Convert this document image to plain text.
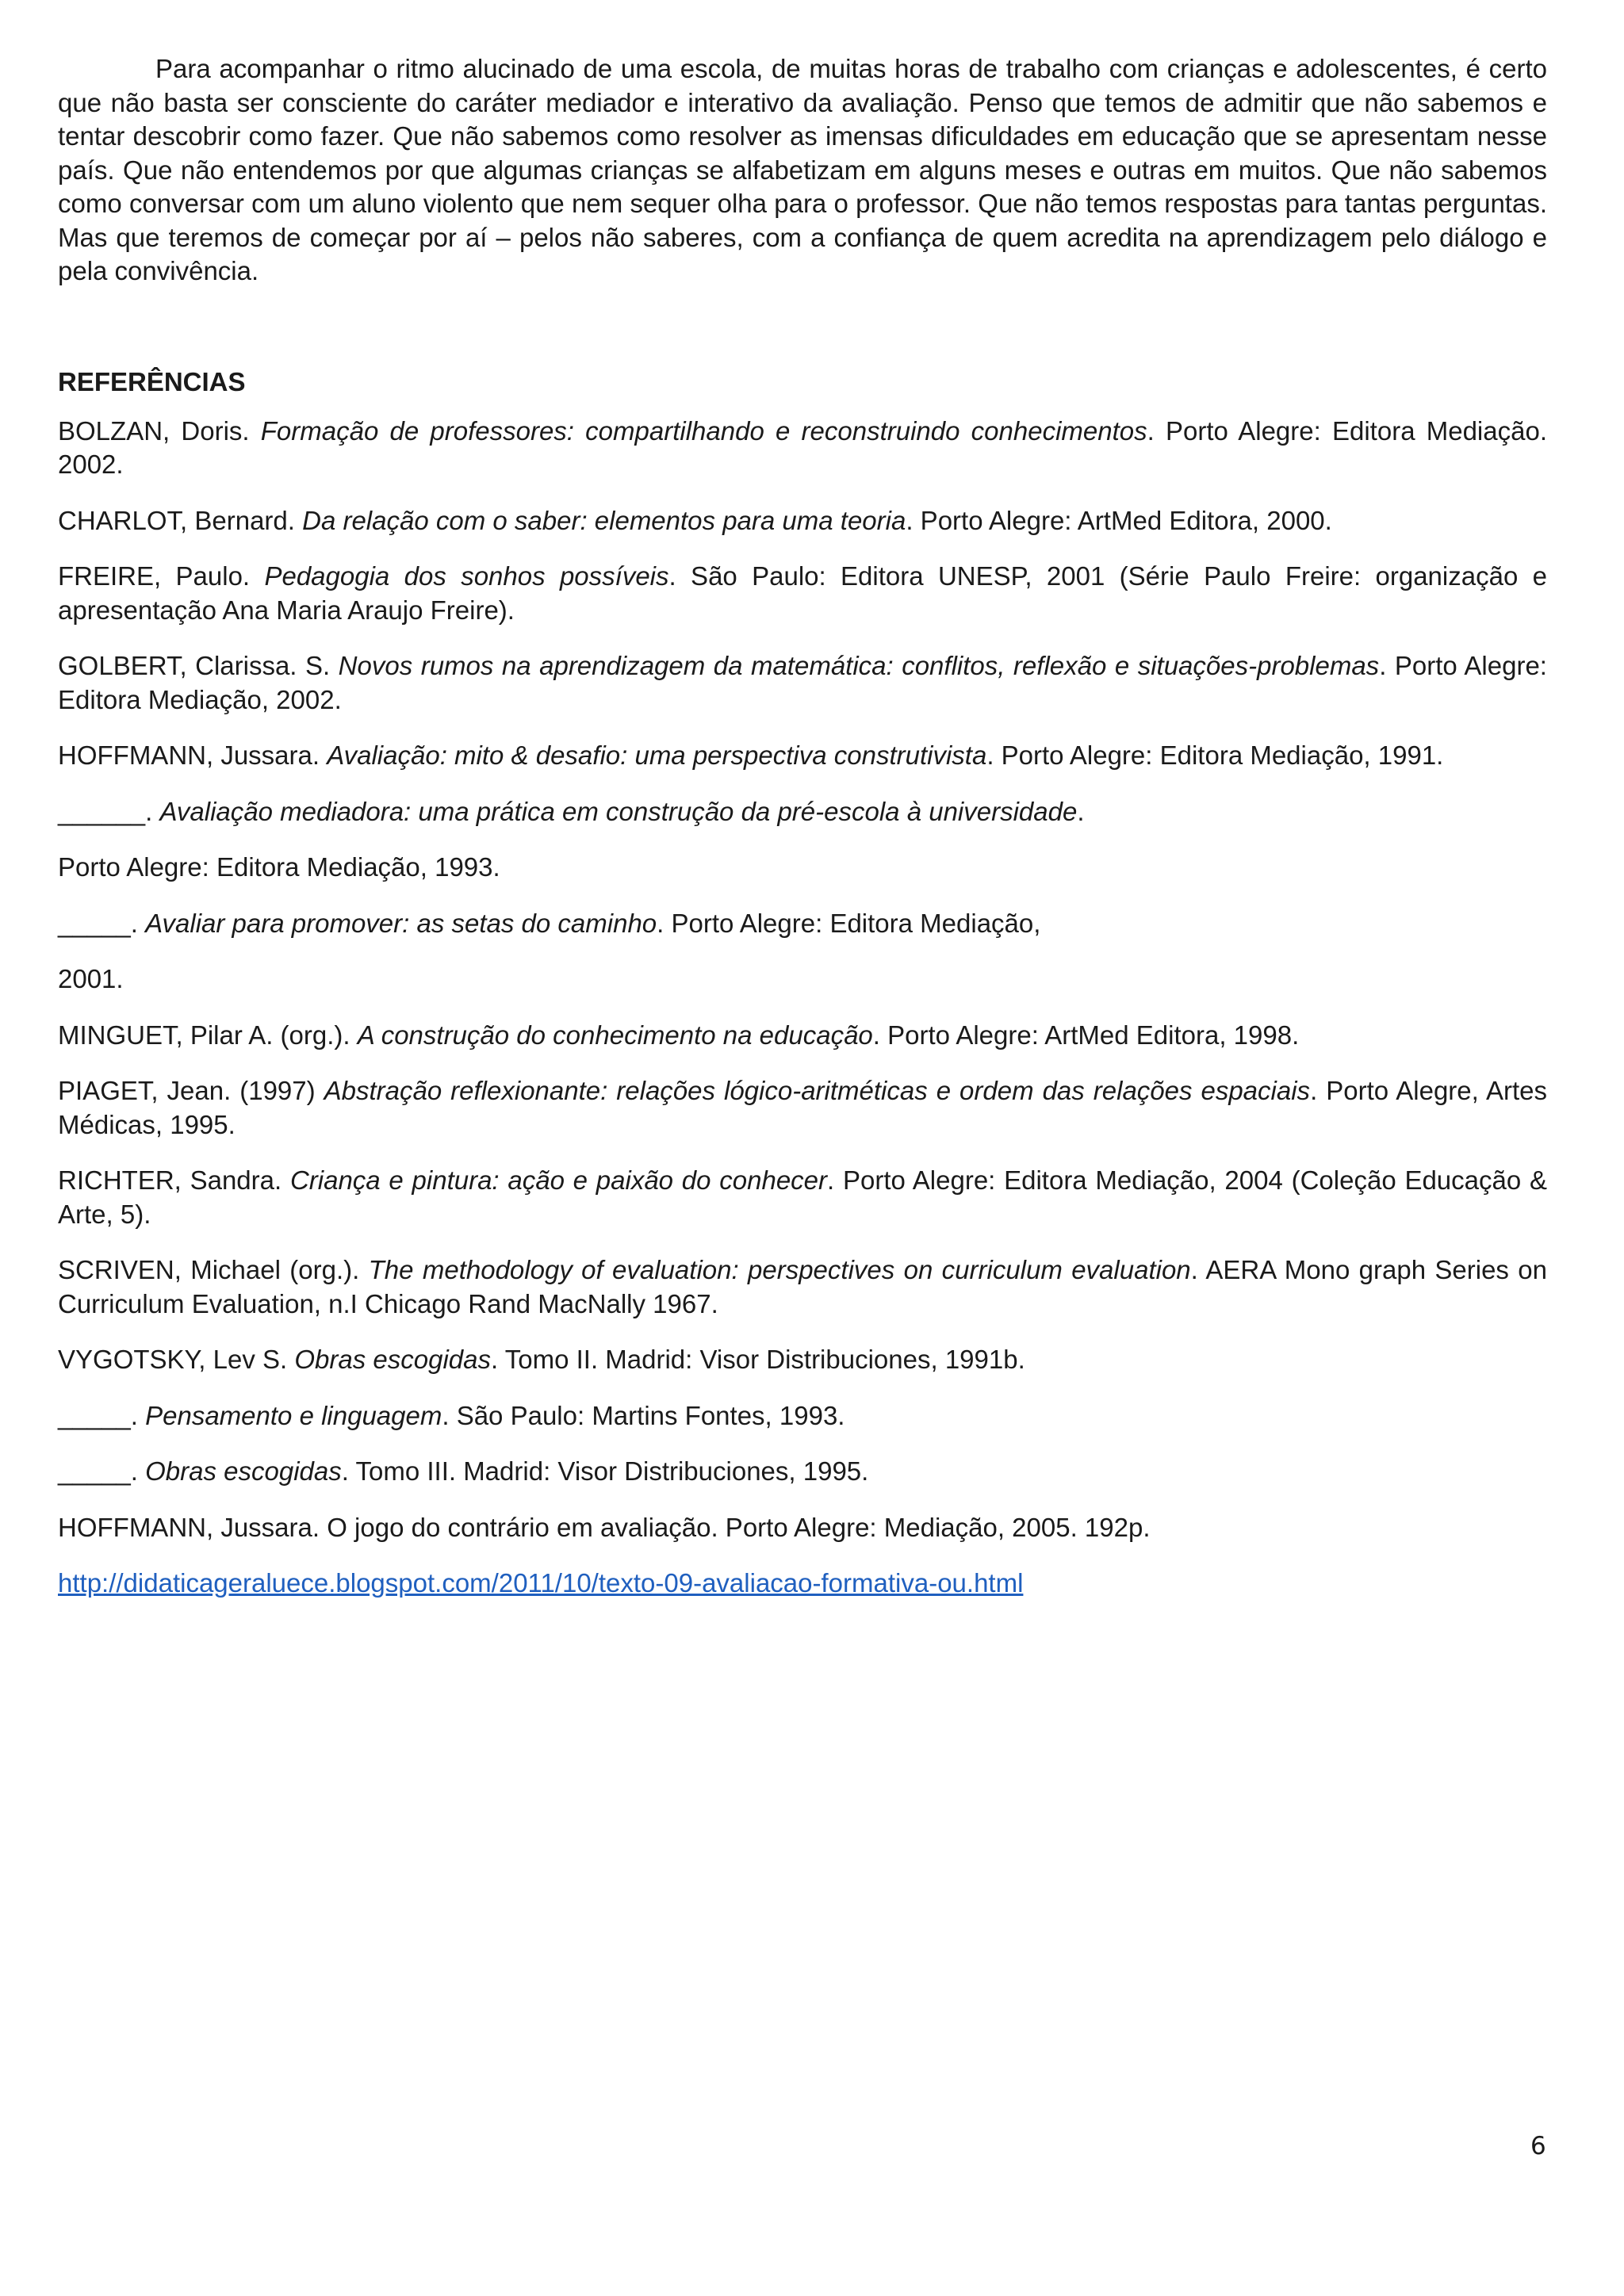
Para acompanhar o ritmo alucinado de uma escola, de muitas horas de trabalho com crianças e adolescentes, é certo que não basta ser consciente do caráter mediador e interativo da avaliação. Penso que temos de admitir que não sabemos e tentar descobrir como fazer. Que não sabemos como resolver as imensas dificuldades em educação que se apresentam nesse país. Que não entendemos por que algumas crianças se alfabetizam em alguns meses e outras em muitos. Que não sabemos como conversar com um aluno violento que nem sequer olha para o professor. Que não temos respostas para tantas perguntas. Mas que teremos de começar por aí – pelos não saberes, com a confiança de quem acredita na aprendizagem pelo diálogo e pela convivência.

REFERÊNCIAS

BOLZAN, Doris. Formação de professores: compartilhando e reconstruindo conhecimentos. Porto Alegre: Editora Mediação. 2002.

CHARLOT, Bernard. Da relação com o saber: elementos para uma teoria. Porto Alegre: ArtMed Editora, 2000.

FREIRE, Paulo. Pedagogia dos sonhos possíveis. São Paulo: Editora UNESP, 2001 (Série Paulo Freire: organização e apresentação Ana Maria Araujo Freire).

GOLBERT, Clarissa. S. Novos rumos na aprendizagem da matemática: conflitos, reflexão e situações-problemas. Porto Alegre: Editora Mediação, 2002.

HOFFMANN, Jussara. Avaliação: mito & desafio: uma perspectiva construtivista. Porto Alegre: Editora Mediação, 1991.

______. Avaliação mediadora: uma prática em construção da pré-escola à universidade.

Porto Alegre: Editora Mediação, 1993.

_____. Avaliar para promover: as setas do caminho. Porto Alegre: Editora Mediação,

2001.

MINGUET, Pilar A. (org.). A construção do conhecimento na educação. Porto Alegre: ArtMed Editora, 1998.

PIAGET, Jean. (1997) Abstração reflexionante: relações lógico-aritméticas e ordem das relações espaciais. Porto Alegre, Artes Médicas, 1995.

RICHTER, Sandra. Criança e pintura: ação e paixão do conhecer. Porto Alegre: Editora Mediação, 2004 (Coleção Educação & Arte, 5).

SCRIVEN, Michael (org.). The methodology of evaluation: perspectives on curriculum evaluation. AERA Mono graph Series on Curriculum Evaluation, n.I Chicago Rand MacNally 1967.

VYGOTSKY, Lev S. Obras escogidas. Tomo II. Madrid: Visor Distribuciones, 1991b.

_____. Pensamento e linguagem. São Paulo: Martins Fontes, 1993.

_____. Obras escogidas. Tomo III. Madrid: Visor Distribuciones, 1995.

HOFFMANN, Jussara. O jogo do contrário em avaliação. Porto Alegre: Mediação, 2005. 192p.

http://didaticageraluece.blogspot.com/2011/10/texto-09-avaliacao-formativa-ou.html

6
